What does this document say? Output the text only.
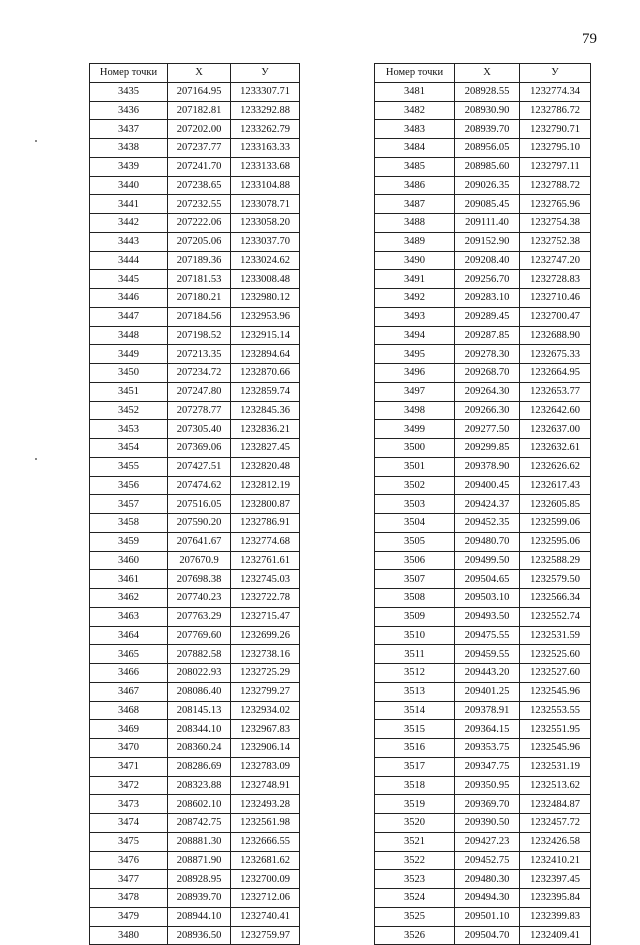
79
Номер точки	X	У
3435	207164.95	1233307.71
3436	207182.81	1233292.88
3437	207202.00	1233262.79
3438	207237.77	1233163.33
3439	207241.70	1233133.68
3440	207238.65	1233104.88
3441	207232.55	1233078.71
3442	207222.06	1233058.20
3443	207205.06	1233037.70
3444	207189.36	1233024.62
3445	207181.53	1233008.48
3446	207180.21	1232980.12
3447	207184.56	1232953.96
3448	207198.52	1232915.14
3449	207213.35	1232894.64
3450	207234.72	1232870.66
3451	207247.80	1232859.74
3452	207278.77	1232845.36
3453	207305.40	1232836.21
3454	207369.06	1232827.45
3455	207427.51	1232820.48
3456	207474.62	1232812.19
3457	207516.05	1232800.87
3458	207590.20	1232786.91
3459	207641.67	1232774.68
3460	207670.9	1232761.61
3461	207698.38	1232745.03
3462	207740.23	1232722.78
3463	207763.29	1232715.47
3464	207769.60	1232699.26
3465	207882.58	1232738.16
3466	208022.93	1232725.29
3467	208086.40	1232799.27
3468	208145.13	1232934.02
3469	208344.10	1232967.83
3470	208360.24	1232906.14
3471	208286.69	1232783.09
3472	208323.88	1232748.91
3473	208602.10	1232493.28
3474	208742.75	1232561.98
3475	208881.30	1232666.55
3476	208871.90	1232681.62
3477	208928.95	1232700.09
3478	208939.70	1232712.06
3479	208944.10	1232740.41
3480	208936.50	1232759.97
Номер точки	X	У
3481	208928.55	1232774.34
3482	208930.90	1232786.72
3483	208939.70	1232790.71
3484	208956.05	1232795.10
3485	208985.60	1232797.11
3486	209026.35	1232788.72
3487	209085.45	1232765.96
3488	209111.40	1232754.38
3489	209152.90	1232752.38
3490	209208.40	1232747.20
3491	209256.70	1232728.83
3492	209283.10	1232710.46
3493	209289.45	1232700.47
3494	209287.85	1232688.90
3495	209278.30	1232675.33
3496	209268.70	1232664.95
3497	209264.30	1232653.77
3498	209266.30	1232642.60
3499	209277.50	1232637.00
3500	209299.85	1232632.61
3501	209378.90	1232626.62
3502	209400.45	1232617.43
3503	209424.37	1232605.85
3504	209452.35	1232599.06
3505	209480.70	1232595.06
3506	209499.50	1232588.29
3507	209504.65	1232579.50
3508	209503.10	1232566.34
3509	209493.50	1232552.74
3510	209475.55	1232531.59
3511	209459.55	1232525.60
3512	209443.20	1232527.60
3513	209401.25	1232545.96
3514	209378.91	1232553.55
3515	209364.15	1232551.95
3516	209353.75	1232545.96
3517	209347.75	1232531.19
3518	209350.95	1232513.62
3519	209369.70	1232484.87
3520	209390.50	1232457.72
3521	209427.23	1232426.58
3522	209452.75	1232410.21
3523	209480.30	1232397.45
3524	209494.30	1232395.84
3525	209501.10	1232399.83
3526	209504.70	1232409.41
